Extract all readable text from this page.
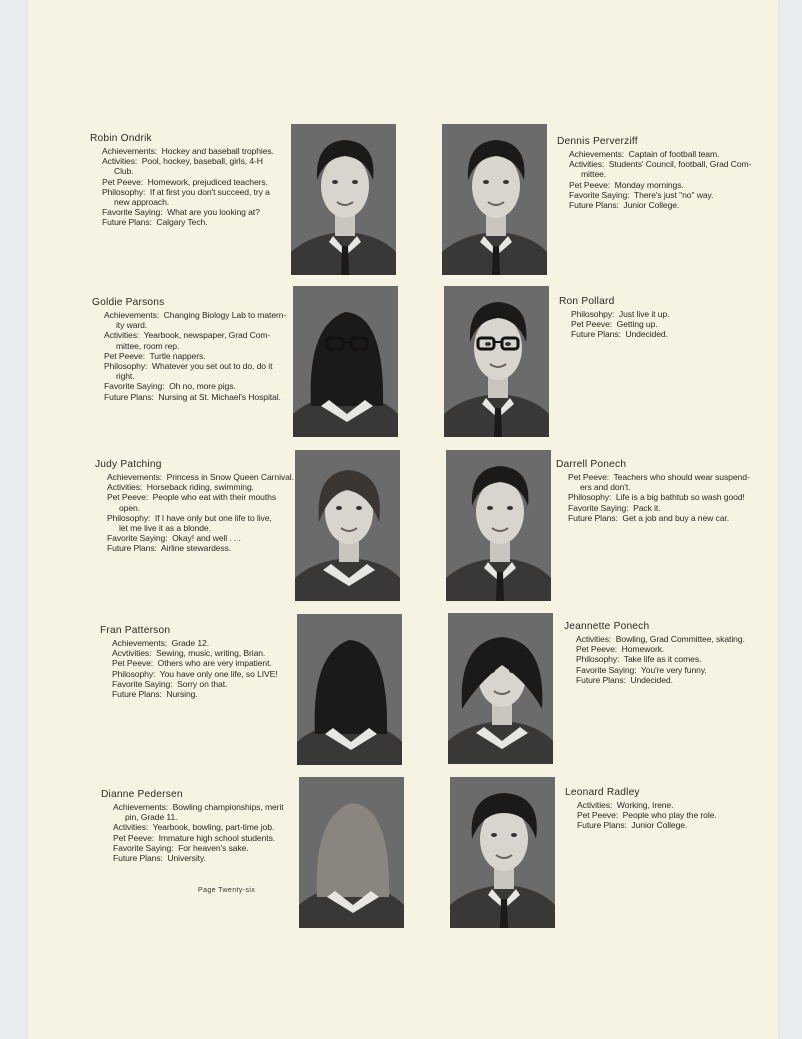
Robin Ondrik
Achievements:  Hockey and baseball trophies.
Activities:  Pool, hockey, baseball, girls, 4-H
Club.
Pet Peeve:  Homework, prejudiced teachers.
Philosophy:  If at first you don't succeed, try a
new approach.
Favorite Saying:  What are you looking at?
Future Plans:  Calgary Tech.
Dennis Perverziff
Achievements:  Captain of football team.
Activities:  Students' Council, football, Grad Com-
mittee.
Pet Peeve:  Monday mornings.
Favorite Saying:  There's just "no" way.
Future Plans:  Junior College.
Goldie Parsons
Achievements:  Changing Biology Lab to matern-
ity ward.
Activities:  Yearbook, newspaper, Grad Com-
mittee, room rep.
Pet Peeve:  Turtle nappers.
Philosophy:  Whatever you set out to do, do it
right.
Favorite Saying:  Oh no, more pigs.
Future Plans:  Nursing at St. Michael's Hospital.
Ron Pollard
Philosohpy:  Just live it up.
Pet Peeve:  Getting up.
Future Plans:  Undecided.
Judy Patching
Achievements:  Princess in Snow Queen Carnival.
Activities:  Horseback riding, swimming.
Pet Peeve:  People who eat with their mouths
open.
Philosophy:  If I have only but one life to live,
let me live it as a blonde.
Favorite Saying:  Okay! and well . . .
Future Plans:  Airline stewardess.
Darrell Ponech
Pet Peeve:  Teachers who should wear suspend-
ers and don't.
Philosophy:  Life is a big bathtub so wash good!
Favorite Saying:  Pack it.
Future Plans:  Get a job and buy a new car.
Fran Patterson
Achievements:  Grade 12.
Acvtivities:  Sewing, music, writing, Brian.
Pet Peeve:  Others who are very impatient.
Philosophy:  You have only one life, so LIVE!
Favorite Saying:  Sorry on that.
Future Plans:  Nursing.
Jeannette Ponech
Activities:  Bowling, Grad Committee, skating.
Pet Peeve:  Homework.
Philosophy:  Take life as it comes.
Favorite Saying:  You're very funny.
Future Plans:  Undecided.
Dianne Pedersen
Achievements:  Bowling championships, merit
pin, Grade 11.
Activities:  Yearbook, bowling, part-time job.
Pet Peeve:  Immature high school students.
Favorite Saying:  For heaven's sake.
Future Plans:  University.
Leonard Radley
Activities:  Working, Irene.
Pet Peeve:  People who play the role.
Future Plans:  Junior College.
Page Twenty-six
